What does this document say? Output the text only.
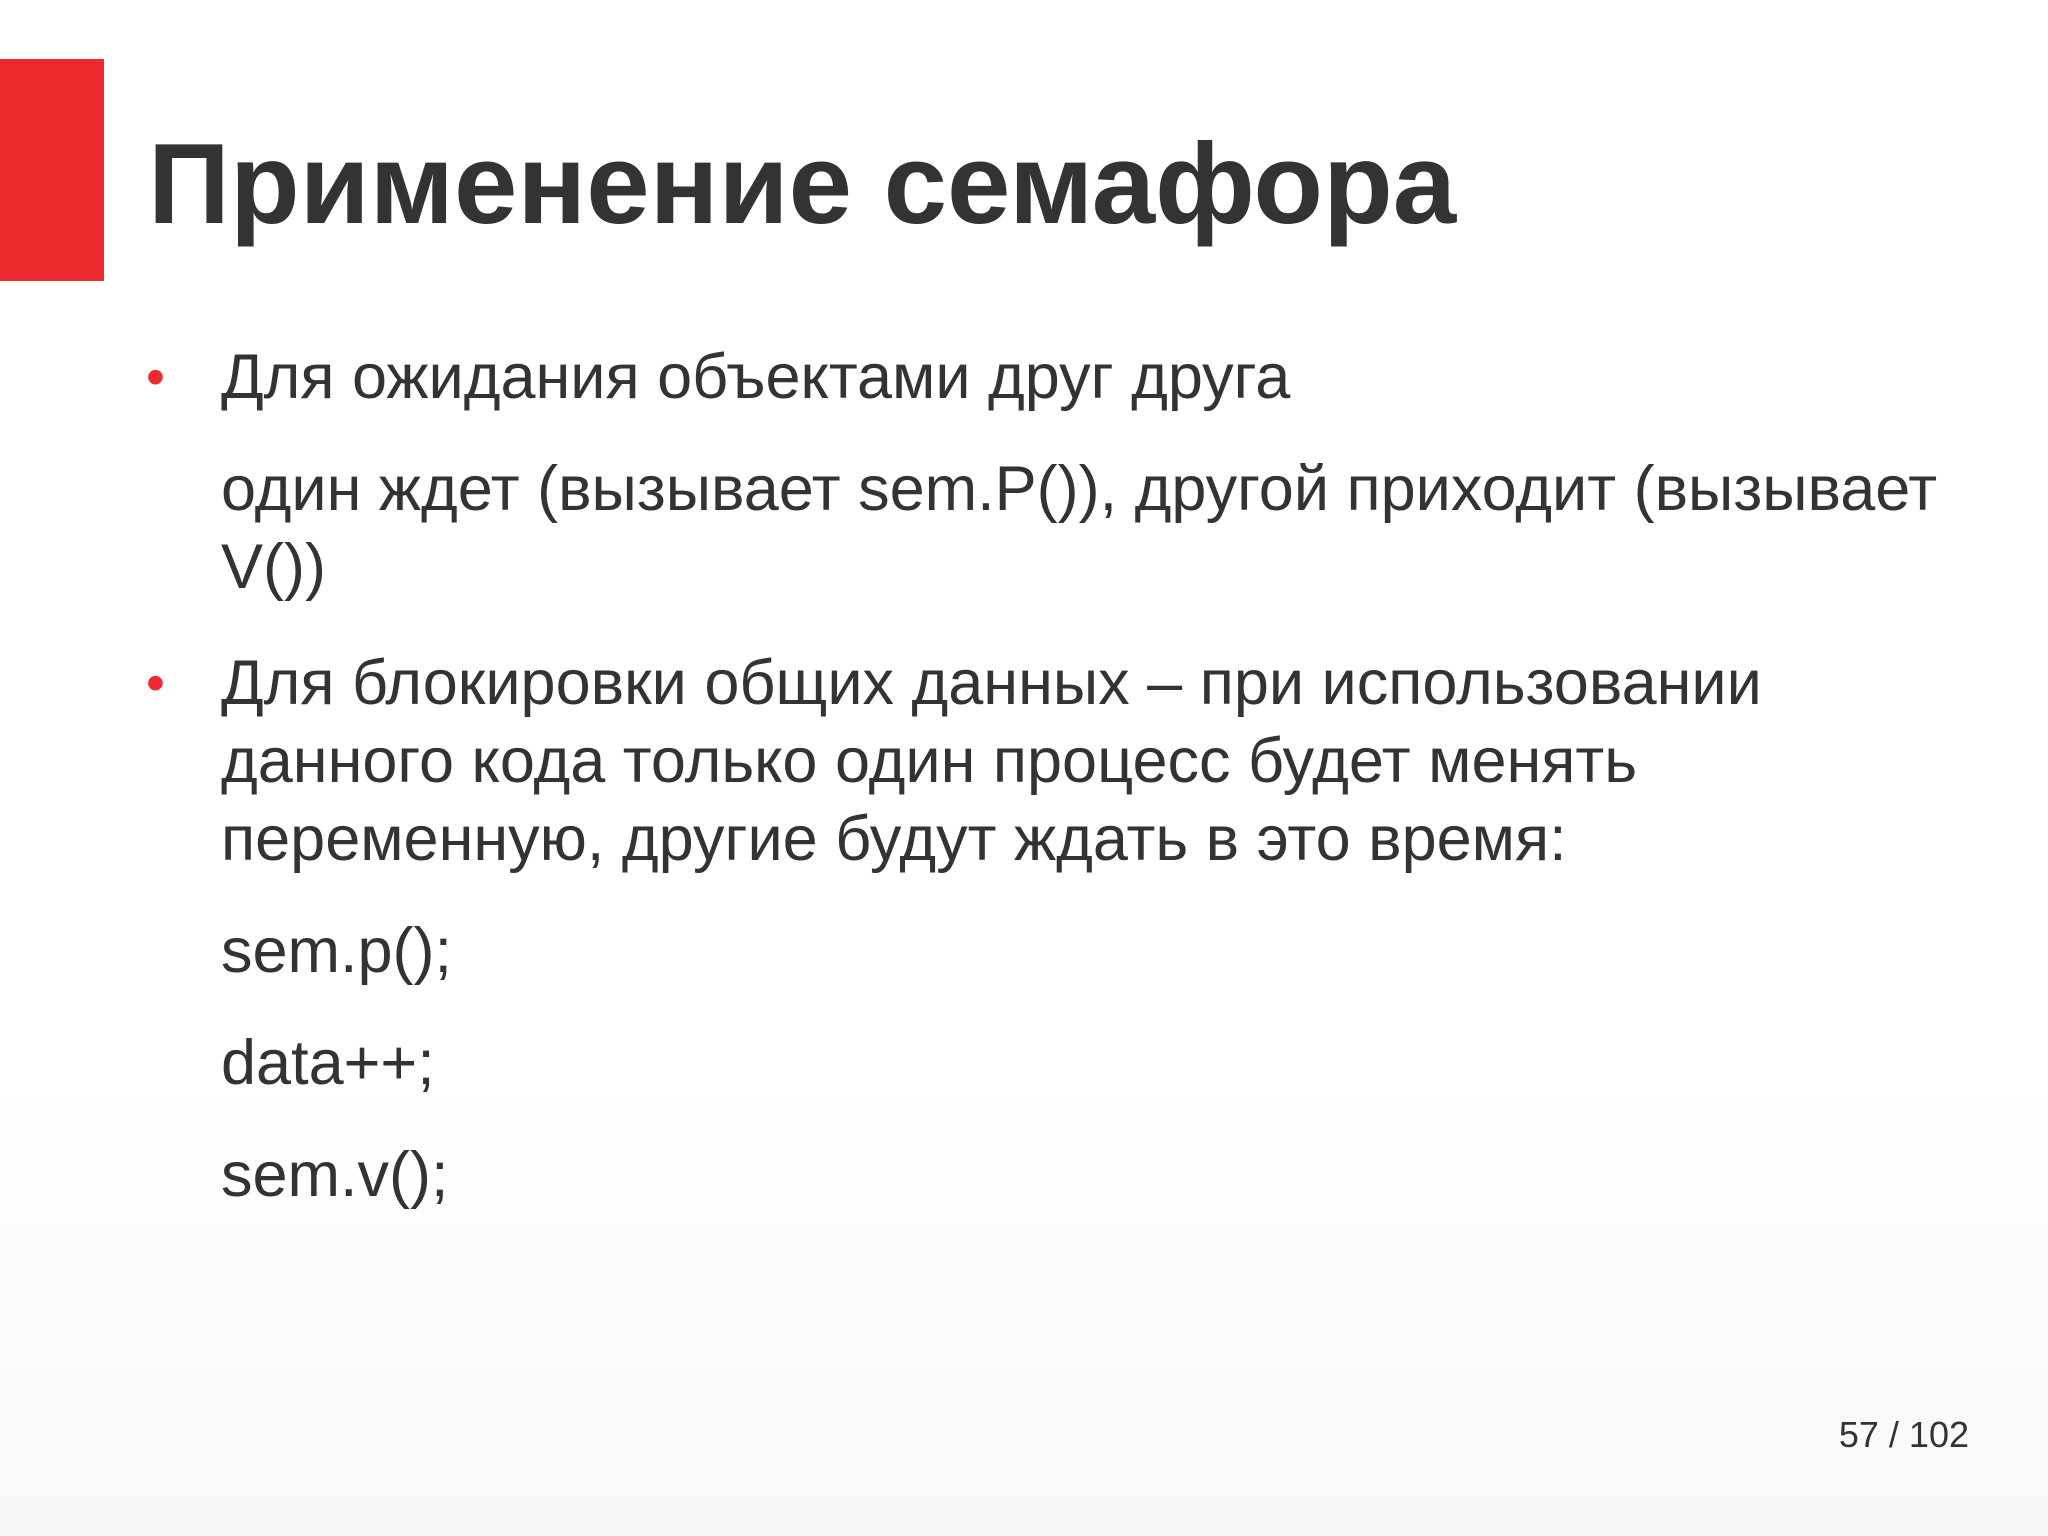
Применение семафора

• Для ожидания объектами друг друга

один ждет (вызывает sem.P()), другой приходит (вызывает V())

• Для блокировки общих данных – при использовании данного кода только один процесс будет менять переменную, другие будут ждать в это время:

sem.p();

data++;

sem.v();

57 / 102
